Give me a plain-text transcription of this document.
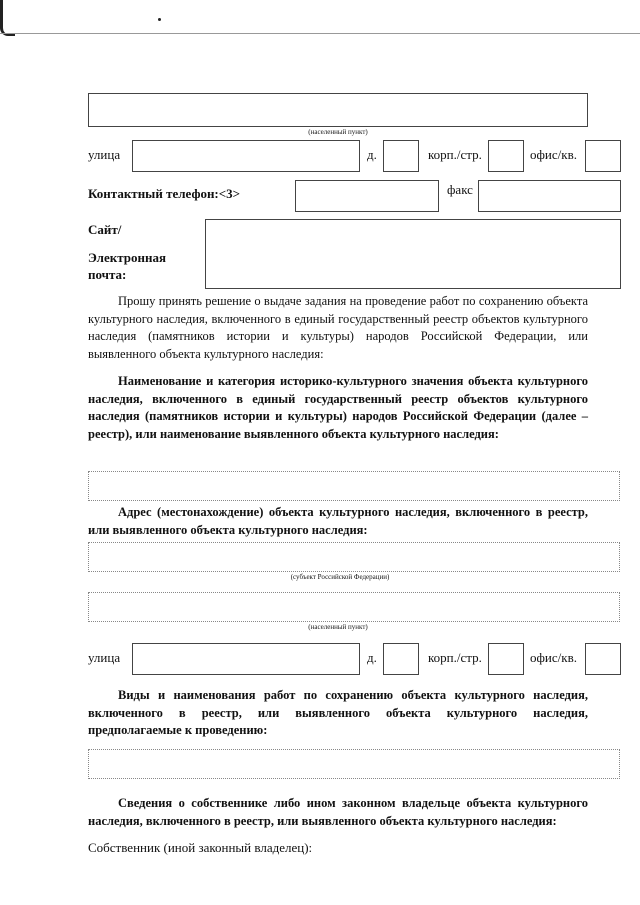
(населенный пункт)
улица	д.	корп./стр.	офис/кв.
Контактный телефон:<3>	факс
Сайт/
Электронная
почта:
Прошу принять решение о выдаче задания на проведение работ по сохранению объекта культурного наследия, включенного в единый государственный реестр объектов культурного наследия (памятников истории и культуры) народов Российской Федерации, или выявленного объекта культурного наследия:
Наименование и категория историко-культурного значения объекта культурного наследия, включенного в единый государственный реестр объектов культурного наследия (памятников истории и культуры) народов Российской Федерации (далее – реестр), или наименование выявленного объекта культурного наследия:
Адрес (местонахождение) объекта культурного наследия, включенного в реестр, или выявленного объекта культурного наследия:
(субъект Российской Федерации)
(населенный пункт)
улица	д.	корп./стр.	офис/кв.
Виды и наименования работ по сохранению объекта культурного наследия, включенного в реестр, или выявленного объекта культурного наследия, предполагаемые к проведению:
Сведения о собственнике либо ином законном владельце объекта культурного наследия, включенного в реестр, или выявленного объекта культурного наследия:
Собственник (иной законный владелец):
